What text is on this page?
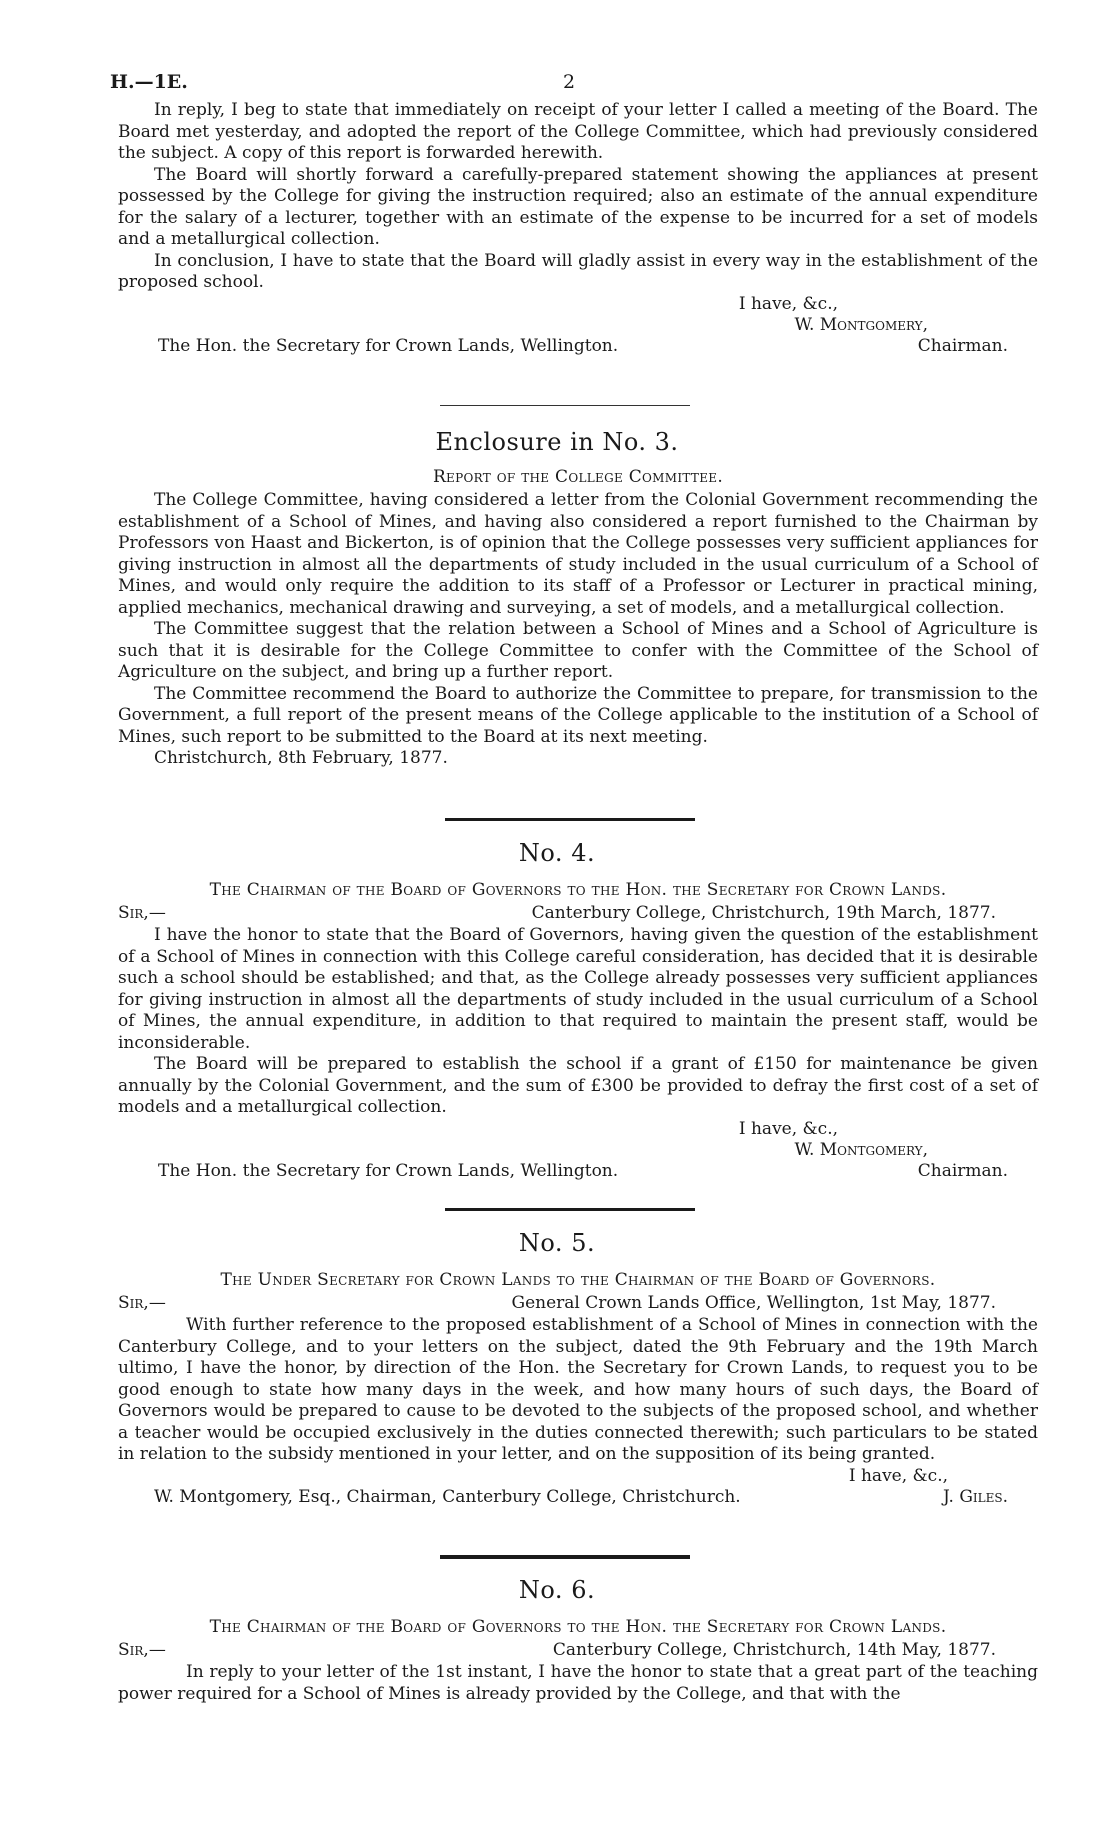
H.—1E.	2

In reply, I beg to state that immediately on receipt of your letter I called a meeting of the Board. The Board met yesterday, and adopted the report of the College Committee, which had previously considered the subject. A copy of this report is forwarded herewith.

The Board will shortly forward a carefully-prepared statement showing the appliances at present possessed by the College for giving the instruction required; also an estimate of the annual expenditure for the salary of a lecturer, together with an estimate of the expense to be incurred for a set of models and a metallurgical collection.

In conclusion, I have to state that the Board will gladly assist in every way in the establishment of the proposed school.

I have, &c.,
W. Montgomery,
The Hon. the Secretary for Crown Lands, Wellington.	Chairman.
Enclosure in No. 3.
Report of the College Committee.

The College Committee, having considered a letter from the Colonial Government recommending the establishment of a School of Mines, and having also considered a report furnished to the Chairman by Professors von Haast and Bickerton, is of opinion that the College possesses very sufficient appliances for giving instruction in almost all the departments of study included in the usual curriculum of a School of Mines, and would only require the addition to its staff of a Professor or Lecturer in practical mining, applied mechanics, mechanical drawing and surveying, a set of models, and a metallurgical collection.

The Committee suggest that the relation between a School of Mines and a School of Agriculture is such that it is desirable for the College Committee to confer with the Committee of the School of Agriculture on the subject, and bring up a further report.

The Committee recommend the Board to authorize the Committee to prepare, for transmission to the Government, a full report of the present means of the College applicable to the institution of a School of Mines, such report to be submitted to the Board at its next meeting.

Christchurch, 8th February, 1877.

No. 4.
The Chairman of the Board of Governors to the Hon. the Secretary for Crown Lands.
Sir,—	Canterbury College, Christchurch, 19th March, 1877.

I have the honor to state that the Board of Governors, having given the question of the establishment of a School of Mines in connection with this College careful consideration, has decided that it is desirable such a school should be established; and that, as the College already possesses very sufficient appliances for giving instruction in almost all the departments of study included in the usual curriculum of a School of Mines, the annual expenditure, in addition to that required to maintain the present staff, would be inconsiderable.

The Board will be prepared to establish the school if a grant of £150 for maintenance be given annually by the Colonial Government, and the sum of £300 be provided to defray the first cost of a set of models and a metallurgical collection.

I have, &c.,
W. Montgomery,
The Hon. the Secretary for Crown Lands, Wellington.	Chairman.
No. 5.
The Under Secretary for Crown Lands to the Chairman of the Board of Governors.
Sir,—	General Crown Lands Office, Wellington, 1st May, 1877.

With further reference to the proposed establishment of a School of Mines in connection with the Canterbury College, and to your letters on the subject, dated the 9th February and the 19th March ultimo, I have the honor, by direction of the Hon. the Secretary for Crown Lands, to request you to be good enough to state how many days in the week, and how many hours of such days, the Board of Governors would be prepared to cause to be devoted to the subjects of the proposed school, and whether a teacher would be occupied exclusively in the duties connected therewith; such particulars to be stated in relation to the subsidy mentioned in your letter, and on the supposition of its being granted.

I have, &c.,
W. Montgomery, Esq., Chairman, Canterbury College, Christchurch.	J. Giles.
No. 6.
The Chairman of the Board of Governors to the Hon. the Secretary for Crown Lands.
Sir,—	Canterbury College, Christchurch, 14th May, 1877.

In reply to your letter of the 1st instant, I have the honor to state that a great part of the teaching power required for a School of Mines is already provided by the College, and that with the
